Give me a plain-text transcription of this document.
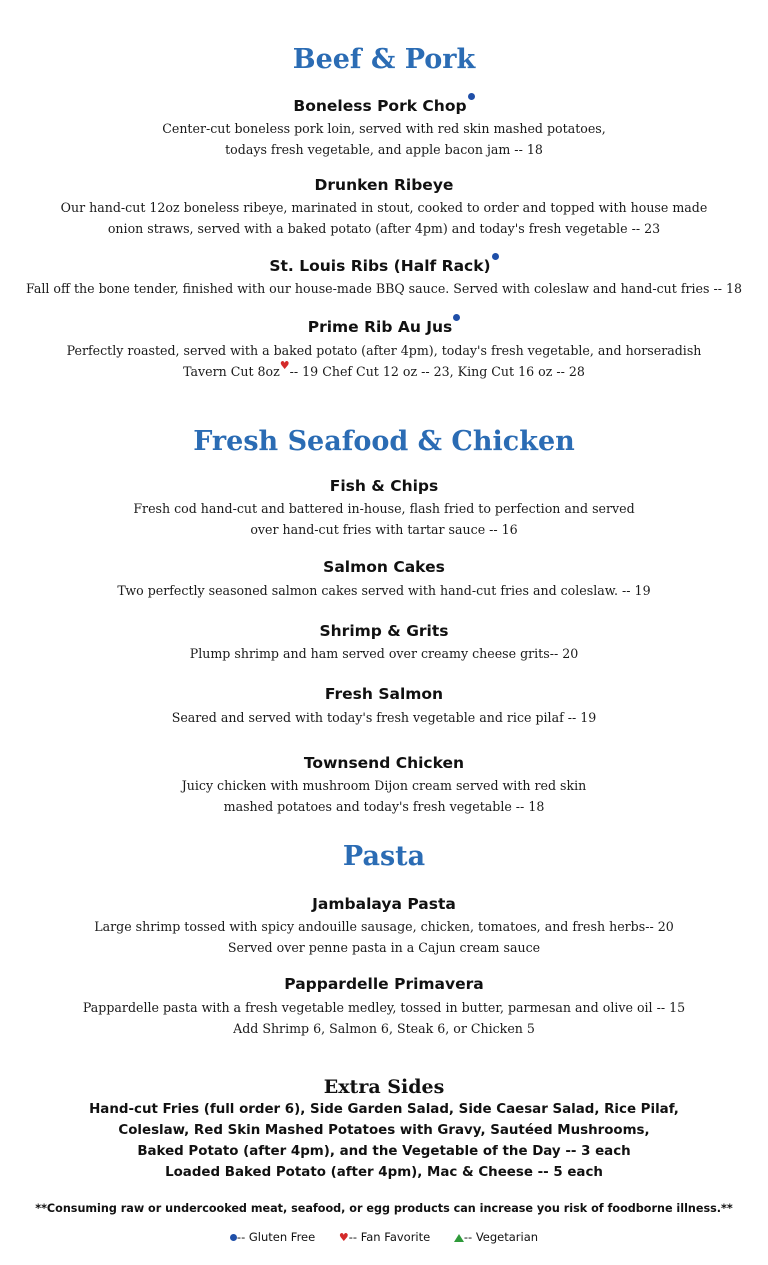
Beef & Pork
Boneless Pork Chop
Center-cut boneless pork loin, served with red skin mashed potatoes,
todays fresh vegetable, and apple bacon jam -- 18
Drunken Ribeye
Our hand-cut 12oz boneless ribeye, marinated in stout, cooked to order and topped with house made
onion straws, served with a baked potato (after 4pm) and today's fresh vegetable -- 23
St. Louis Ribs (Half Rack)
Fall off the bone tender, finished with our house-made BBQ sauce. Served with coleslaw and hand-cut fries -- 18
Prime Rib Au Jus
Perfectly roasted, served with a baked potato (after 4pm), today's fresh vegetable, and horseradish
Tavern Cut 8oz♥-- 19 Chef Cut 12 oz -- 23, King Cut 16 oz -- 28
Fresh Seafood & Chicken
Fish & Chips
Fresh cod hand-cut and battered in-house, flash fried to perfection and served
over hand-cut fries with tartar sauce -- 16
Salmon Cakes
Two perfectly seasoned salmon cakes served with hand-cut fries and coleslaw. -- 19
Shrimp & Grits
Plump shrimp and ham served over creamy cheese grits-- 20
Fresh Salmon
Seared and served with today's fresh vegetable and rice pilaf -- 19
Townsend Chicken
Juicy chicken with mushroom Dijon cream served with red skin
mashed potatoes and today's fresh vegetable -- 18
Pasta
Jambalaya Pasta
Large shrimp tossed with spicy andouille sausage, chicken, tomatoes, and fresh herbs-- 20
Served over penne pasta in a Cajun cream sauce
Pappardelle Primavera
Pappardelle pasta with a fresh vegetable medley, tossed in butter, parmesan and olive oil -- 15
Add Shrimp 6, Salmon 6, Steak 6, or Chicken 5
Extra Sides
Hand-cut Fries (full order 6), Side Garden Salad, Side Caesar Salad, Rice Pilaf,
Coleslaw, Red Skin Mashed Potatoes with Gravy, Sautéed Mushrooms,
Baked Potato (after 4pm), and the Vegetable of the Day -- 3 each
Loaded Baked Potato (after 4pm), Mac & Cheese -- 5 each
**Consuming raw or undercooked meat, seafood, or egg products can increase you risk of foodborne illness.**
-- Gluten Free ♥-- Fan Favorite	-- Vegetarian
